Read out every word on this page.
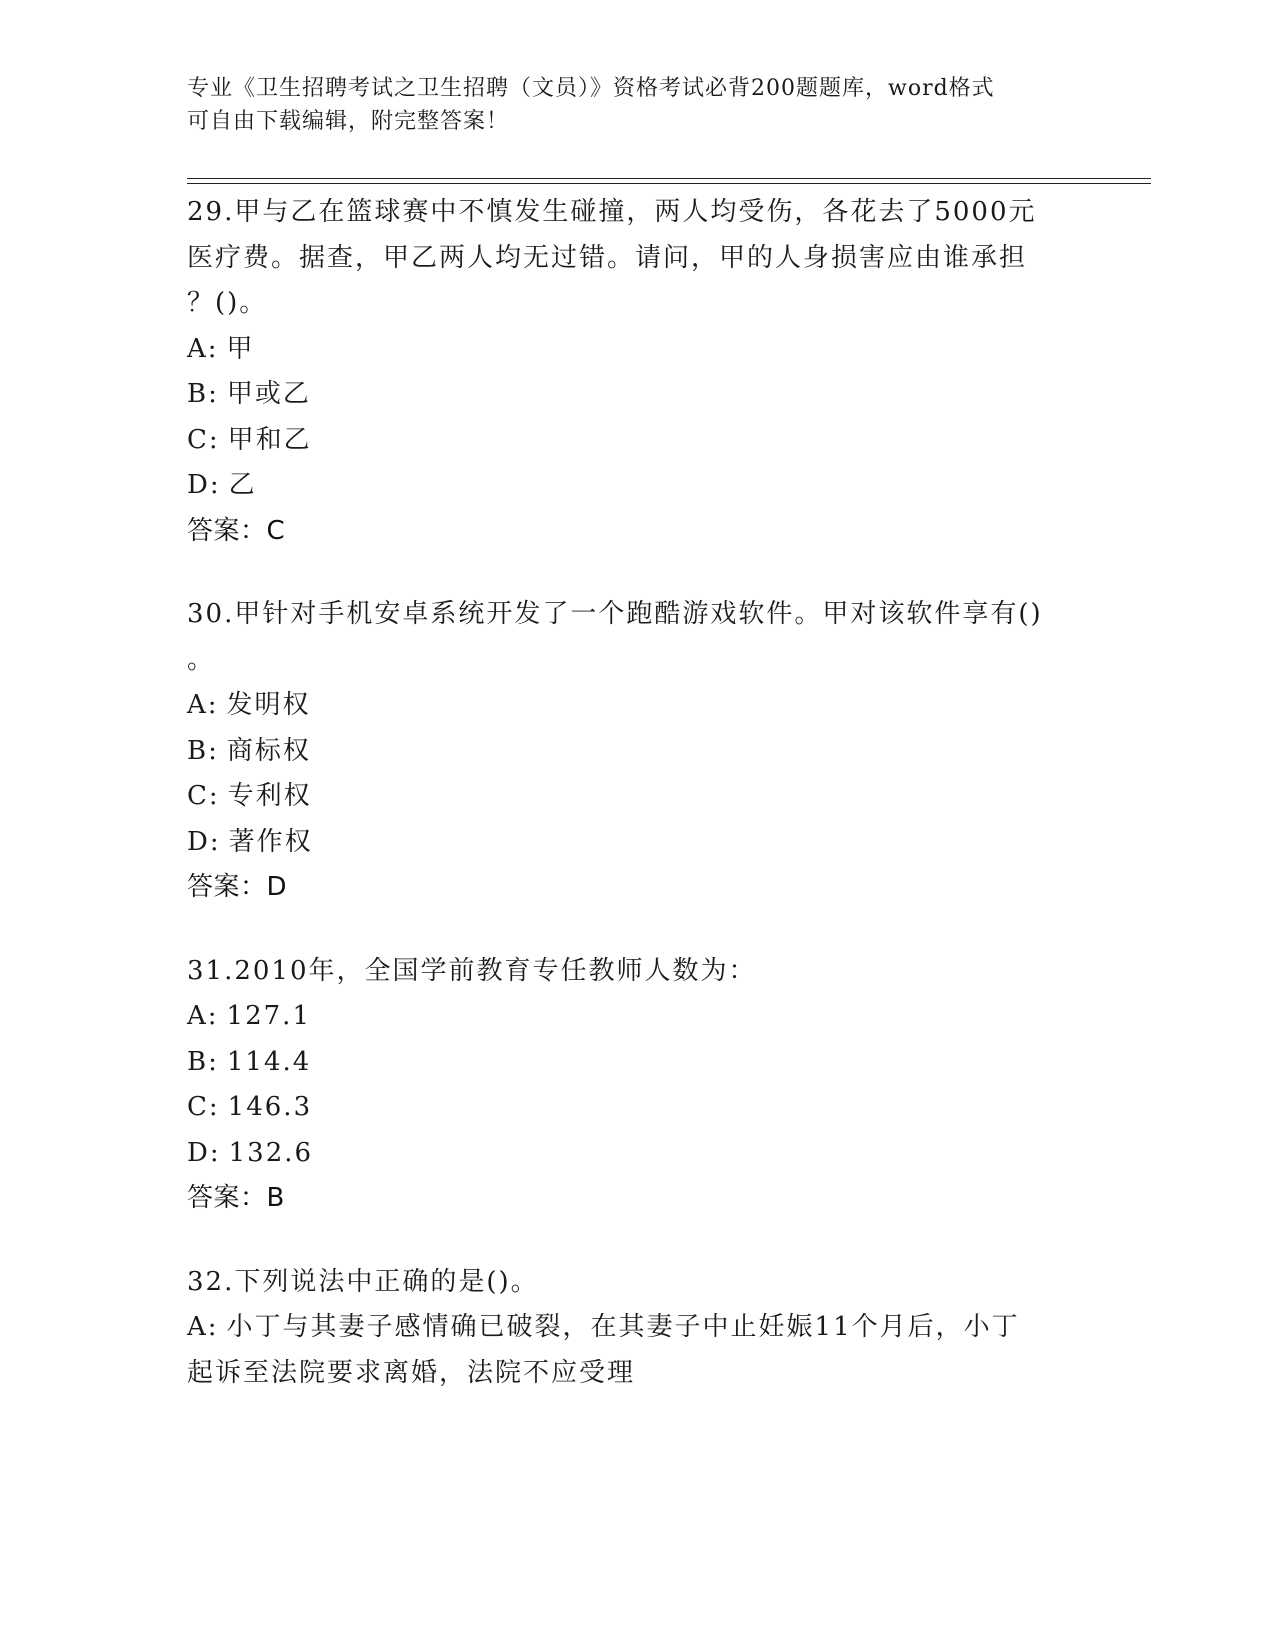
专业《卫生招聘考试之卫生招聘（文员）》资格考试必背200题题库，word格式
可自由下载编辑，附完整答案！
29.甲与乙在篮球赛中不慎发生碰撞，两人均受伤，各花去了5000元
医疗费。据查，甲乙两人均无过错。请问，甲的人身损害应由谁承担
？()。
A: 甲
B: 甲或乙
C: 甲和乙
D: 乙
答案：C
30.甲针对手机安卓系统开发了一个跑酷游戏软件。甲对该软件享有()
。
A: 发明权
B: 商标权
C: 专利权
D: 著作权
答案：D
31.2010年，全国学前教育专任教师人数为：
A: 127.1
B: 114.4
C: 146.3
D: 132.6
答案：B
32.下列说法中正确的是()。
A: 小丁与其妻子感情确已破裂，在其妻子中止妊娠11个月后，小丁
起诉至法院要求离婚，法院不应受理
